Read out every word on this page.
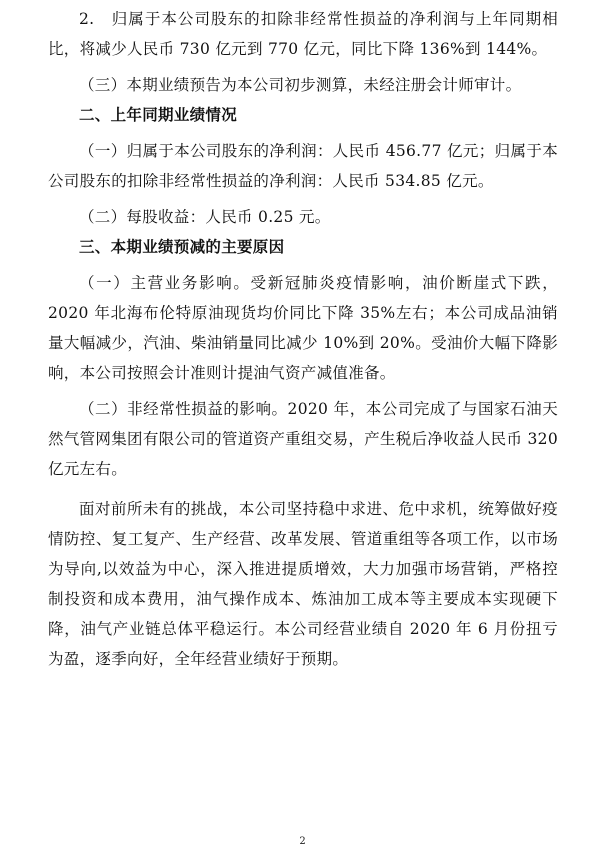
2.　归属于本公司股东的扣除非经常性损益的净利润与上年同期相比，将减少人民币 730 亿元到 770 亿元，同比下降 136%到 144%。

（三）本期业绩预告为本公司初步测算，未经注册会计师审计。

二、上年同期业绩情况

（一）归属于本公司股东的净利润：人民币 456.77 亿元；归属于本公司股东的扣除非经常性损益的净利润：人民币 534.85 亿元。

（二）每股收益：人民币 0.25 元。

三、本期业绩预减的主要原因

（一）主营业务影响。受新冠肺炎疫情影响，油价断崖式下跌，2020 年北海布伦特原油现货均价同比下降 35%左右；本公司成品油销量大幅减少，汽油、柴油销量同比减少 10%到 20%。受油价大幅下降影响，本公司按照会计准则计提油气资产减值准备。

（二）非经常性损益的影响。2020 年，本公司完成了与国家石油天然气管网集团有限公司的管道资产重组交易，产生税后净收益人民币 320 亿元左右。

面对前所未有的挑战，本公司坚持稳中求进、危中求机，统筹做好疫情防控、复工复产、生产经营、改革发展、管道重组等各项工作，以市场为导向,以效益为中心，深入推进提质增效，大力加强市场营销，严格控制投资和成本费用，油气操作成本、炼油加工成本等主要成本实现硬下降，油气产业链总体平稳运行。本公司经营业绩自 2020 年 6 月份扭亏为盈，逐季向好，全年经营业绩好于预期。

2
